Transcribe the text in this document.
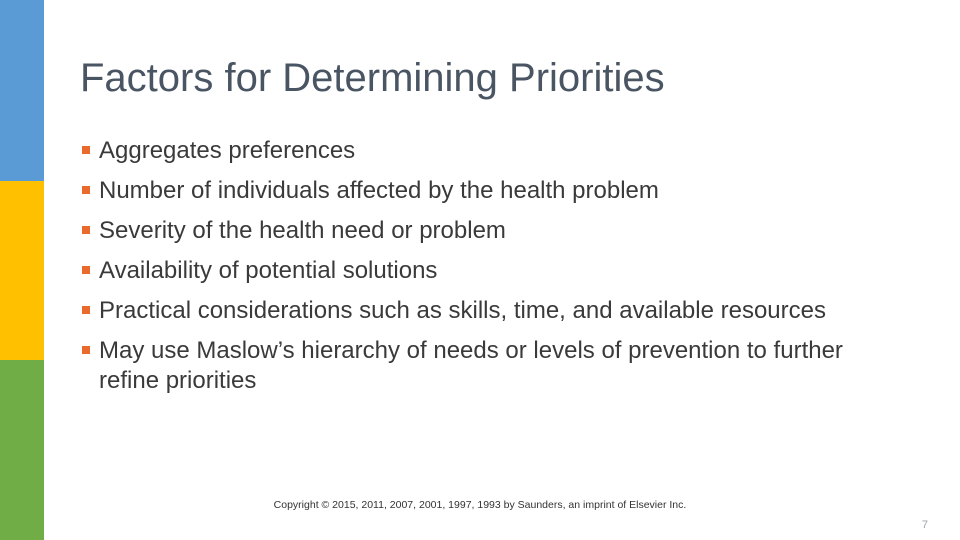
Factors for Determining Priorities
Aggregates preferences
Number of individuals affected by the health problem
Severity of the health need or problem
Availability of potential solutions
Practical considerations such as skills, time, and available resources
May use Maslow’s hierarchy of needs or levels of prevention to further refine priorities
Copyright © 2015, 2011, 2007, 2001, 1997, 1993 by Saunders, an imprint of Elsevier Inc.
7
